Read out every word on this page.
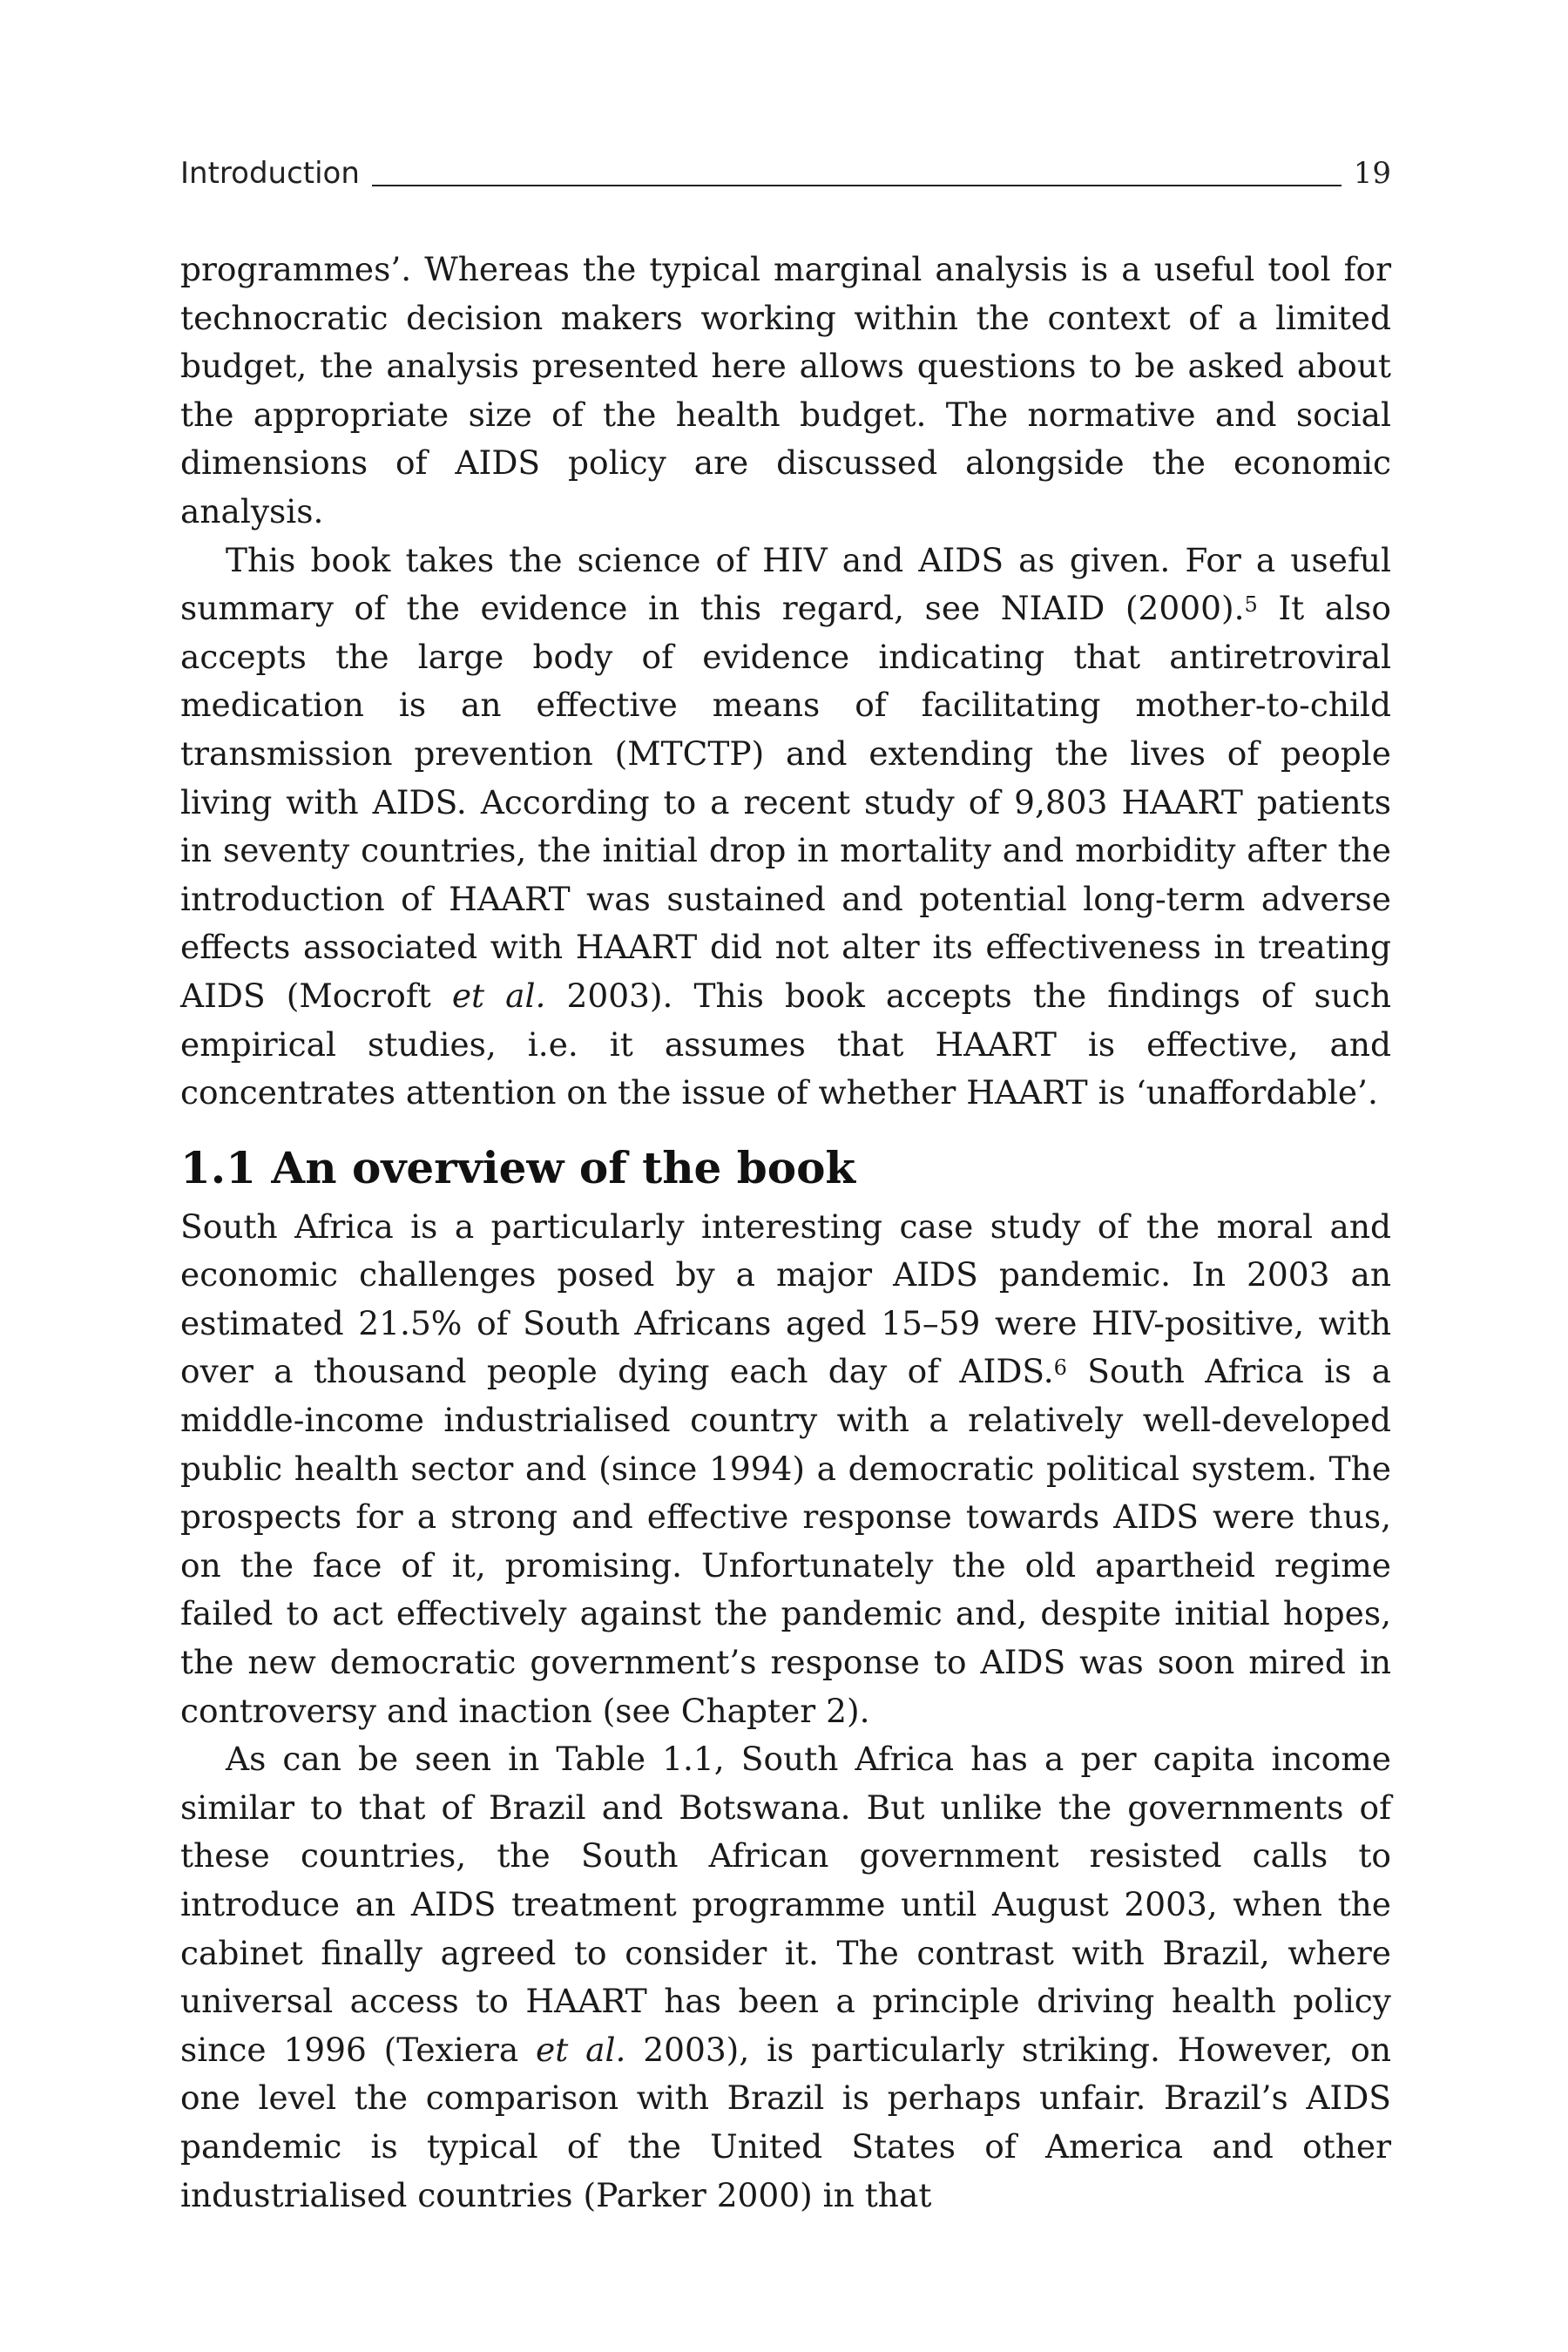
Introduction	19

programmes’. Whereas the typical marginal analysis is a useful tool for technocratic decision makers working within the context of a limited budget, the analysis presented here allows questions to be asked about the appropriate size of the health budget. The normative and social dimensions of AIDS policy are discussed alongside the economic analysis.

This book takes the science of HIV and AIDS as given. For a useful summary of the evidence in this regard, see NIAID (2000).$^5$ It also accepts the large body of evidence indicating that antiretroviral medication is an effective means of facilitating mother-to-child transmission prevention (MTCTP) and extending the lives of people living with AIDS. According to a recent study of 9,803 HAART patients in seventy countries, the initial drop in mortality and morbidity after the introduction of HAART was sustained and potential long-term adverse effects associated with HAART did not alter its effectiveness in treating AIDS (Mocroft et al. 2003). This book accepts the findings of such empirical studies, i.e. it assumes that HAART is effective, and concentrates attention on the issue of whether HAART is ‘unaffordable’.

1.1 An overview of the book

South Africa is a particularly interesting case study of the moral and economic challenges posed by a major AIDS pandemic. In 2003 an estimated 21.5% of South Africans aged 15–59 were HIV-positive, with over a thousand people dying each day of AIDS.$^6$ South Africa is a middle-income industrialised country with a relatively well-developed public health sector and (since 1994) a democratic political system. The prospects for a strong and effective response towards AIDS were thus, on the face of it, promising. Unfortunately the old apartheid regime failed to act effectively against the pandemic and, despite initial hopes, the new democratic government’s response to AIDS was soon mired in controversy and inaction (see Chapter 2).

As can be seen in Table 1.1, South Africa has a per capita income similar to that of Brazil and Botswana. But unlike the governments of these countries, the South African government resisted calls to introduce an AIDS treatment programme until August 2003, when the cabinet finally agreed to consider it. The contrast with Brazil, where universal access to HAART has been a principle driving health policy since 1996 (Texiera et al. 2003), is particularly striking. However, on one level the comparison with Brazil is perhaps unfair. Brazil’s AIDS pandemic is typical of the United States of America and other industrialised countries (Parker 2000) in that
